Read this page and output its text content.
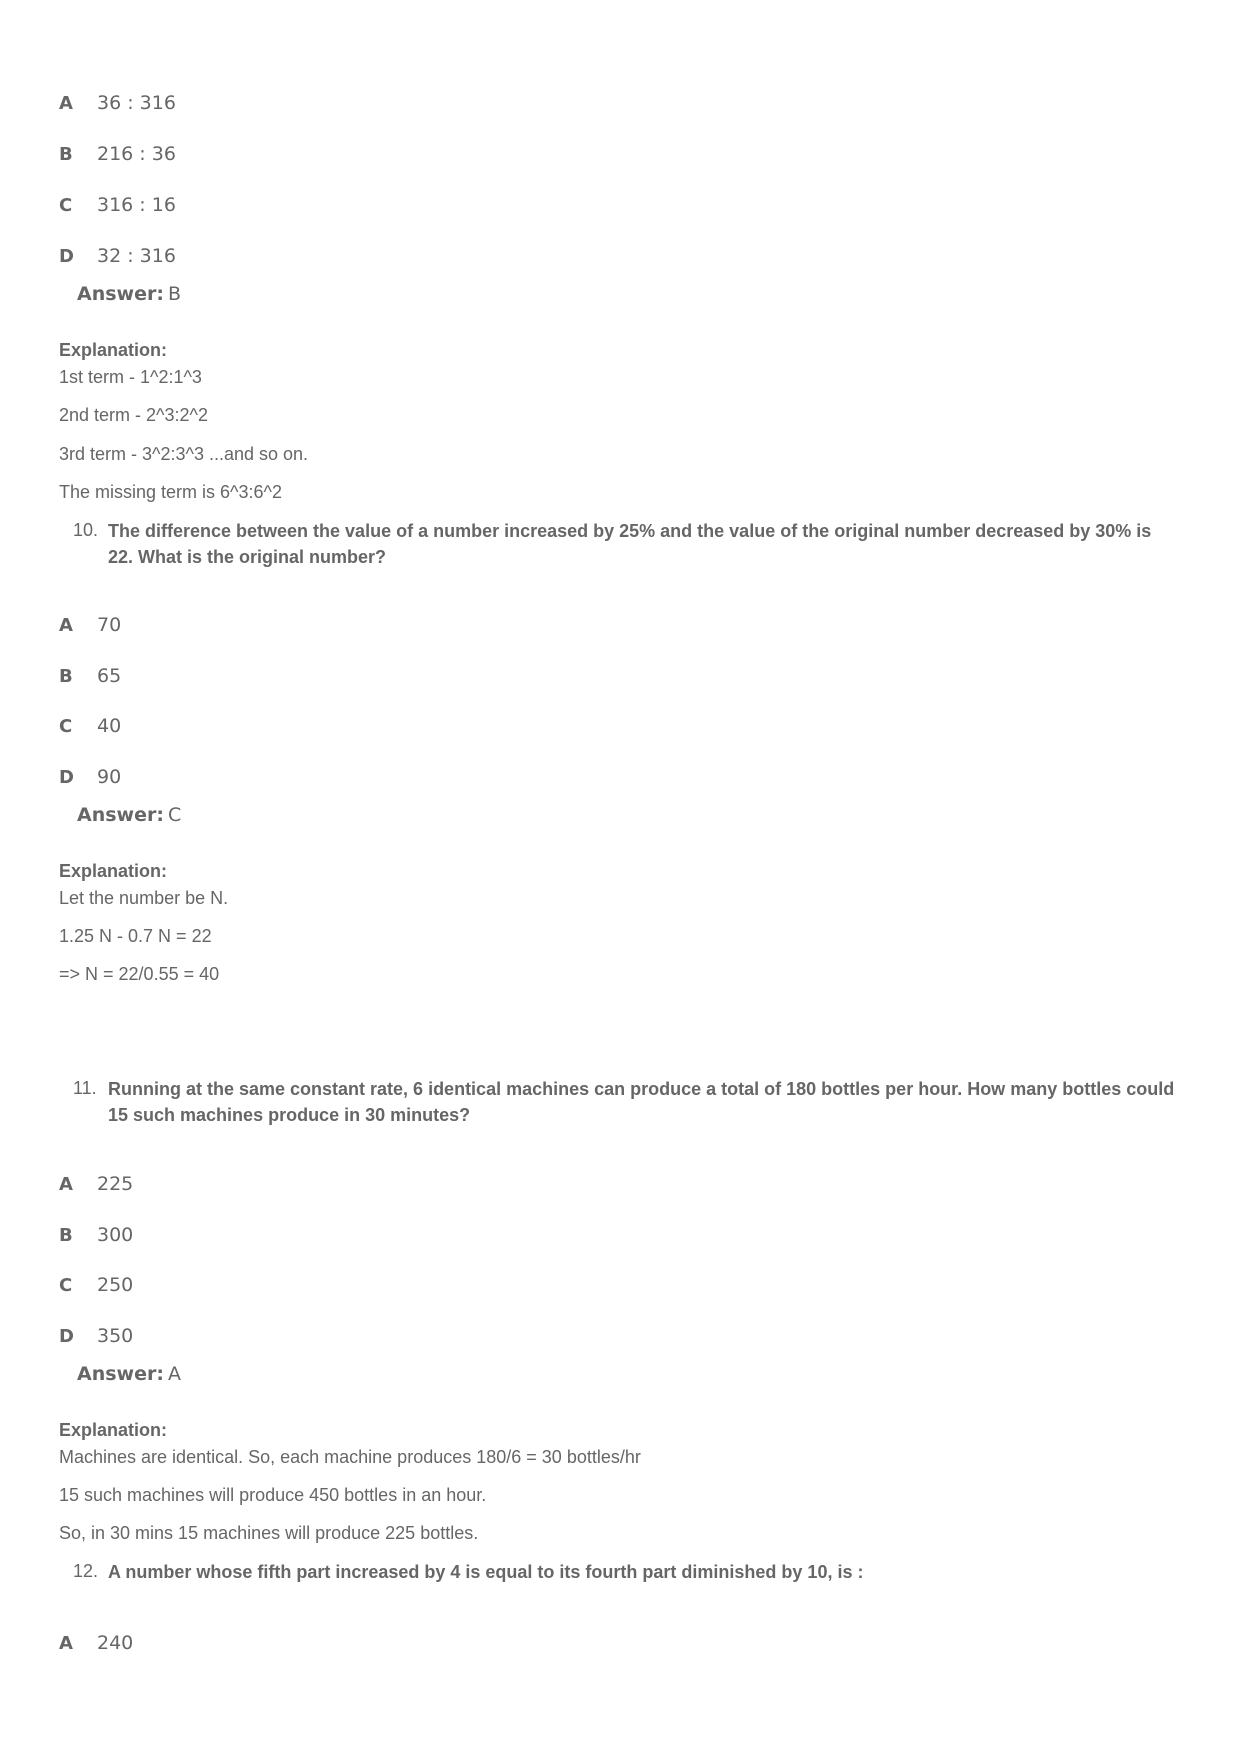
A 36 : 316
B 216 : 36
C 316 : 16
D 32 : 316
Answer: B
Explanation:
1st term - 1^2:1^3
2nd term - 2^3:2^2
3rd term - 3^2:3^3 ...and so on.
The missing term is 6^3:6^2
10. The difference between the value of a number increased by 25% and the value of the original number decreased by 30% is 22. What is the original number?
A 70
B 65
C 40
D 90
Answer: C
Explanation:
Let the number be N.
1.25 N - 0.7 N = 22
=> N = 22/0.55 = 40
11. Running at the same constant rate, 6 identical machines can produce a total of 180 bottles per hour. How many bottles could 15 such machines produce in 30 minutes?
A 225
B 300
C 250
D 350
Answer: A
Explanation:
Machines are identical. So, each machine produces 180/6 = 30 bottles/hr
15 such machines will produce 450 bottles in an hour.
So, in 30 mins 15 machines will produce 225 bottles.
12. A number whose fifth part increased by 4 is equal to its fourth part diminished by 10, is :
A 240
